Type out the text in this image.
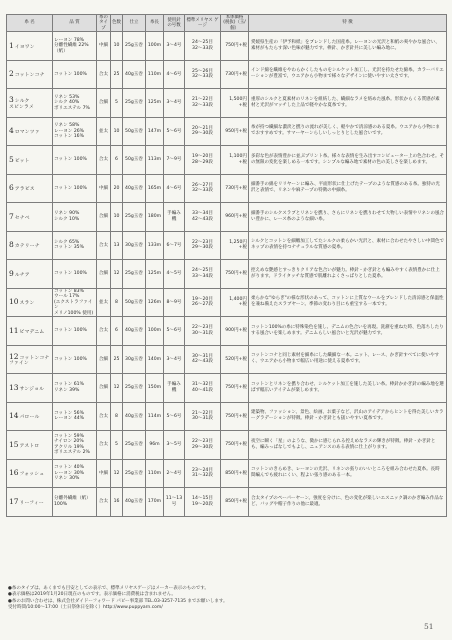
糸 名	品 質	糸の タイプ	色数	仕立	糸長	使用針 の号数	標準メリヤス ゲージ	本体価格 (税抜)（玉/個）	特 徴
1イヨワン	レーヨン 78%
分離性繊維 22%
（紙）	中細	10	25g玉巻	100m	3～4号	24～25目
32～33段	750円+税	愛媛県生産の「伊予和紙」をブレンドした国産糸。レーヨンの光沢と和紙の爽やかな風合い、素材がもたらす深い色味が魅力です。棒針、かぎ針共に美しい編み地に。
2コットンコナ	コットン 100%	合太	25	40g玉巻	110m	4～6号	25～26目
32～33段	730円+税	インド綿を繊維をやわらかくしたものをシルケット加工し、光沢を持たせた綿糸。カラーバリエーションが豊富で、ウエアから小物まで様々なデザインに使いやすい太さです。
3シルク
スピンラメ	リネン 53%
シルク 40%
ポリエステル 7%	合細	5	25g玉巻	125m	3～4号	21～22目
32～33段	1,500円+税	重厚のシルクと夏素材のリネンを組紡した、繊細なラメを絡めた風糸。形状からくる質感が素材と光沢がマッチした上品で軽やかな夏糸です。
4ロマンツァ	リネン 58%
レーヨン 26%
コットン 16%	並太	10	50g玉巻	147m	5～6号	20～21目
29～30段	950円+税	糸が持つ繊細な濃淡と撚りの流れが美しく、軽やかで清涼感のある夏糸。ウエアから小物にまでおすすめです。サマーヤーンらしいしっとりとした風合いです。
5ビット	コットン 100%	合太	6	50g玉巻	113m	7～9号	19～20目
28～29段	1,100円+税	多彩な色が表情豊かに並ぶプリント糸。様々な表情を生み出すコンピューター上の色合わせ。その無限の変化を楽しめる一本です。シンプルな編み地で素材の色の美しさを楽しめます。
6アラビス	コットン 100%	中細	20	40g玉巻	165m	4～6号	26～27目
32～33段	730円+税	細番手の綿をリリヤーンに編み、平面形状に仕上げたテープのような質感のある糸。独特の光沢と表情で、リネンや麻テープの特徴の中細糸。
7セナベ	リネン 90%
シルク 10%	合細	10	25g玉巻	180m	手編み機	33～34目
42～43段	960円+税	細番手のシルクスラブとリネンを撚り、さらにリネンを撚りわせて大物しい表情やリネンの風合い豊かに、レース糸のような細い糸。
8カテリーナ	シルク 65%
コットン 35%	合太	13	30g玉巻	133m	6～7号	22～23目
29～30段	1,250円+税	シルクとコットンを細嫩加工してたシルクの柔らかい光沢と、素材に合わせたやさしい中間色でネップの表情を持つナチュラルな質感の夏糸。
9ルチア	コットン 100%	合細	12	25g玉巻	125m	4～5号	24～25目
33～34段	750円+税	控えめな艶感とすっきりクリアな色合いが魅力。棒針・かぎ針とも編みやすく表情豊かに仕上がります。ドライタッチな質感で肌離れよくさっぱりとした夏糸。
10スラン	コットン 83%
ウール 17%
(エクストラファイン
メリノ100% 使用)	並太	8	50g玉巻	126m	8～9号	19～20目
26～27段	1,400円+税	柔らかな"ゆらぎ"の様な形状のあって、コットンに上質なウールをブレンドした清涼感と保温性を兼ね備えたスラブヤーン。季節の変わり目にも重宝する一本です。
11ビマデニム	コットン 100%	合太	6	40g玉巻	100m	5～6号	22～23目
30～31段	900円+税	コットン100%の糸に特殊染色を施し、デニムの色合いを再現。洗濯を重ねた時、色落ちしたりする風合いを楽しめます。デニムらしい風合いと光沢が魅力です。
12コットンコナ
ファイン	コットン 100%	合細	25	30g玉巻	140m	3～4号	30～31目
42～43段	520円+税	コットンコナと同じ素材を細糸にした繊細な一本。ニット、レース、かぎ針すべてに使いやすく、ウエアから小物まで幅広い用途に使える夏糸です。
13サンジョル	コットン 61%
リネン 39%	合細	12	25g玉巻	150m	手編み機	31～32目
40～41段	750円+税	コットンとリネンを撚り合わせ、シルケット加工を施した美しい糸。棒針かかぎ針の編み地を選ばず幅広いアイテムが楽しめます。
14パロール	コットン 56%
レーヨン 44%	合太	8	40g玉巻	114m	5～6号	21～22目
30～31段	750円+税	建築物、ファッション、景色、絵画、お菓子など、沢山のアイデアからヒントを得た美しいカラーグラデーションが特徴。棒針・かぎ針とも扱いやすい夏糸です。
15アストロ	コットン 59%
ナイロン 20%
アクリル 19%
ポリエステル 2%	合太	5	25g玉巻	96m	3～5号	22～23目
29～30段	750円+税	夜空に瞬く「星」のような、微かに感じられる控えめなラメの輝きが特徴。棒針・かぎ針とも、編みっぱなしでもよし、ニュアンスのある表情に仕上がります。
16フォッシュ	コットン 40%
レーヨン 30%
リネン 30%	中細	12	25g玉巻	110m	2～4号	23～24目
31～32段	850円+税	コットンのきらめき、レーヨンの光沢、リネンの張りのいいところを組み合わせた夏糸。長時間編んでも疲れにくい、程よい張り感のある一本。
17リーフィー	分離外繊維（紙）
100%	合太	16	40g玉巻	170m	11～13号	14～15目
19～20段	850円+税	合太タイプのペーパーヤーン。強度を分けに、色の変化が楽しいエスニック調のかぎ編み作品など、バッグや帽子作りの他に最適。
●糸のタイプは、あくまでも目安としての表示で、標準メリヤスゲージはメーカー表示のものです。
●表示価格は2019年1月20日現在のものです。表示価格に消費税は含まれません。
●糸のお問い合わせは、株式会社ダイドーフォワード パピー事業部 TEL.03-3257-7135 までお願いします。
受付時間/10:00～17:00（土日祭休日を除く）http://www.puppyarn.com/
51
